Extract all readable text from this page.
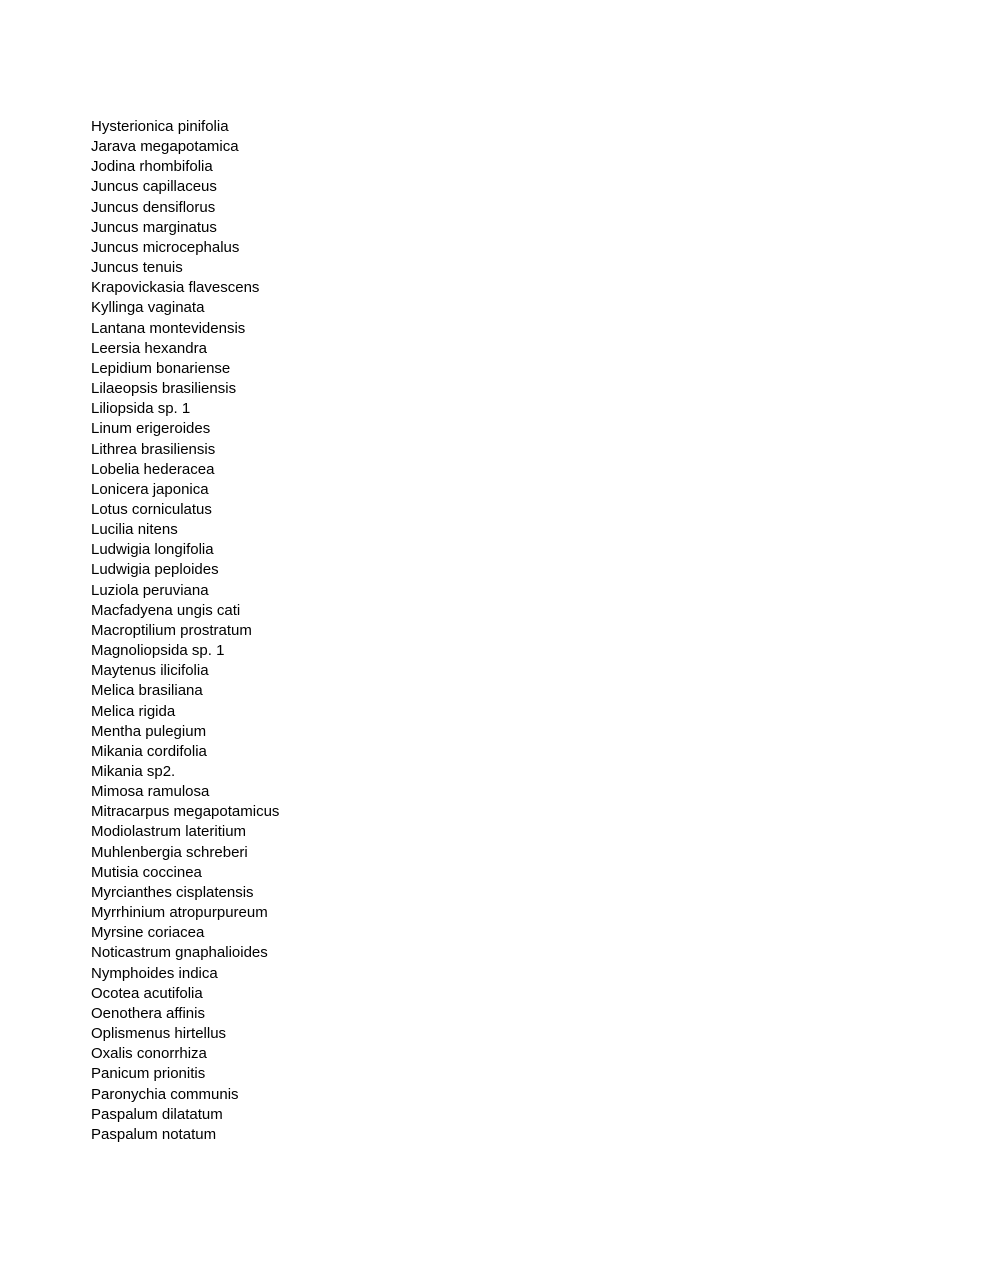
Hysterionica pinifolia
Jarava megapotamica
Jodina rhombifolia
Juncus capillaceus
Juncus densiflorus
Juncus marginatus
Juncus microcephalus
Juncus tenuis
Krapovickasia flavescens
Kyllinga vaginata
Lantana montevidensis
Leersia hexandra
Lepidium bonariense
Lilaeopsis brasiliensis
Liliopsida sp. 1
Linum erigeroides
Lithrea brasiliensis
Lobelia hederacea
Lonicera japonica
Lotus corniculatus
Lucilia nitens
Ludwigia longifolia
Ludwigia peploides
Luziola peruviana
Macfadyena ungis cati
Macroptilium prostratum
Magnoliopsida sp. 1
Maytenus ilicifolia
Melica brasiliana
Melica rigida
Mentha pulegium
Mikania cordifolia
Mikania sp2.
Mimosa ramulosa
Mitracarpus megapotamicus
Modiolastrum lateritium
Muhlenbergia schreberi
Mutisia coccinea
Myrcianthes cisplatensis
Myrrhinium atropurpureum
Myrsine coriacea
Noticastrum gnaphalioides
Nymphoides indica
Ocotea acutifolia
Oenothera affinis
Oplismenus hirtellus
Oxalis conorrhiza
Panicum prionitis
Paronychia communis
Paspalum dilatatum
Paspalum notatum
